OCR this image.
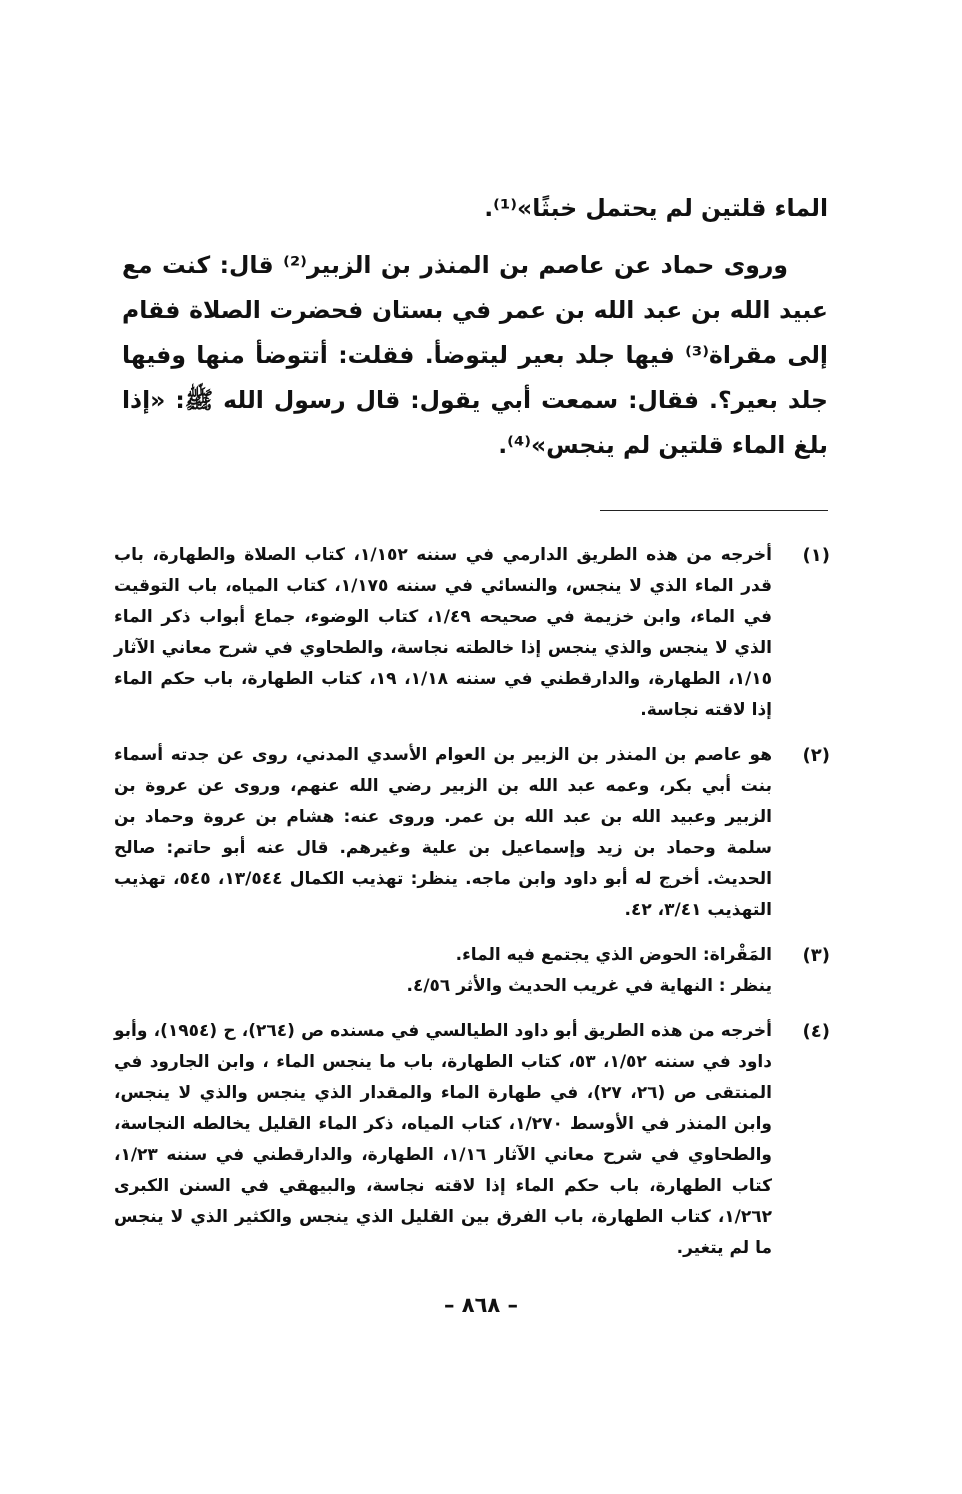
الماء قلتين لم يحتمل خبثًا»⁽¹⁾.

وروى حماد عن عاصم بن المنذر بن الزبير⁽²⁾ قال: كنت مع عبيد الله بن عبد الله بن عمر في بستان فحضرت الصلاة فقام إلى مقراة⁽³⁾ فيها جلد بعير ليتوضأ. فقلت: أتتوضأ منها وفيها جلد بعير؟. فقال: سمعت أبي يقول: قال رسول الله ﷺ: «إذا بلغ الماء قلتين لم ينجس»⁽⁴⁾.

(١)
أخرجه من هذه الطريق الدارمي في سننه ١/١٥٢، كتاب الصلاة والطهارة، باب قدر الماء الذي لا ينجس، والنسائي في سننه ١/١٧٥، كتاب المياه، باب التوقيت في الماء، وابن خزيمة في صحيحه ١/٤٩، كتاب الوضوء، جماع أبواب ذكر الماء الذي لا ينجس والذي ينجس إذا خالطته نجاسة، والطحاوي في شرح معاني الآثار ١/١٥، الطهارة، والدارقطني في سننه ١/١٨، ١٩، كتاب الطهارة، باب حكم الماء إذا لاقته نجاسة.
(٢)
هو عاصم بن المنذر بن الزبير بن العوام الأسدي المدني، روى عن جدته أسماء بنت أبي بكر، وعمه عبد الله بن الزبير رضي الله عنهم، وروى عن عروة بن الزبير وعبيد الله بن عبد الله بن عمر. وروى عنه: هشام بن عروة وحماد بن سلمة وحماد بن زيد وإسماعيل بن علية وغيرهم. قال عنه أبو حاتم: صالح الحديث. أخرج له أبو داود وابن ماجه. ينظر: تهذيب الكمال ١٣/٥٤٤، ٥٤٥، تهذيب التهذيب ٣/٤١، ٤٢.
(٣)
المَقْراة: الحوض الذي يجتمع فيه الماء.
ينظر : النهاية في غريب الحديث والأثر ٤/٥٦.
(٤)
أخرجه من هذه الطريق أبو داود الطيالسي في مسنده ص (٢٦٤)، ح (١٩٥٤)، وأبو داود في سننه ١/٥٢، ٥٣، كتاب الطهارة، باب ما ينجس الماء ، وابن الجارود في المنتقى ص (٢٦، ٢٧)، في طهارة الماء والمقدار الذي ينجس والذي لا ينجس، وابن المنذر في الأوسط ١/٢٧٠، كتاب المياه، ذكر الماء القليل يخالطه النجاسة، والطحاوي في شرح معاني الآثار ١/١٦، الطهارة، والدارقطني في سننه ١/٢٣، كتاب الطهارة، باب حكم الماء إذا لاقته نجاسة، والبيهقي في السنن الكبرى ١/٢٦٢، كتاب الطهارة، باب الفرق بين القليل الذي ينجس والكثير الذي لا ينجس ما لم يتغير.
– ٨٦٨ –
